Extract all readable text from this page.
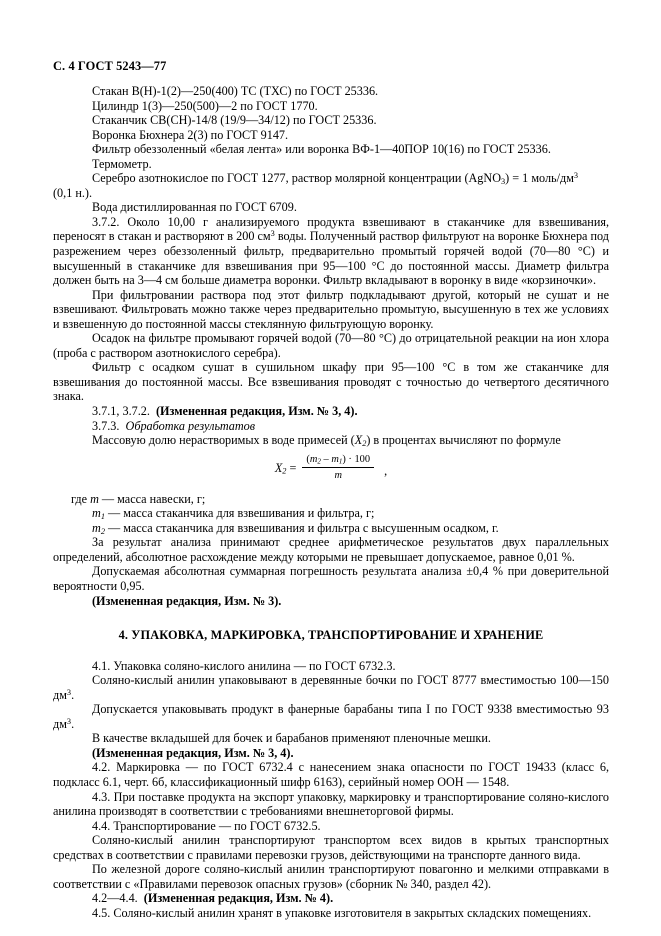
С. 4 ГОСТ 5243—77

Стакан В(Н)-1(2)—250(400) ТС (ТХС) по ГОСТ 25336.

Цилиндр 1(3)—250(500)—2 по ГОСТ 1770.

Стаканчик СВ(СН)-14/8 (19/9—34/12) по ГОСТ 25336.

Воронка Бюхнера 2(3) по ГОСТ 9147.

Фильтр обеззоленный «белая лента» или воронка ВФ-1—40ПОР 10(16) по ГОСТ 25336.

Термометр.

Серебро азотнокислое по ГОСТ 1277, раствор молярной концентрации (AgNO$_3$) = 1 моль/$дм^3$

(0,1 н.).

Вода дистиллированная по ГОСТ 6709.

3.7.2. Около 10,00 г анализируемого продукта взвешивают в стаканчике для взвешивания, переносят в стакан и растворяют в 200 $см^3$ воды. Полученный раствор фильтруют на воронке Бюхнера под разрежением через обеззоленный фильтр, предварительно промытый горячей водой (70—80 °С) и высушенный в стаканчике для взвешивания при 95—100 °С до постоянной массы. Диаметр фильтра должен быть на 3—4 см больше диаметра воронки. Фильтр вкладывают в воронку в виде «корзиночки».

При фильтровании раствора под этот фильтр подкладывают другой, который не сушат и не взвешивают. Фильтровать можно также через предварительно промытую, высушенную в тех же условиях и взвешенную до постоянной массы стеклянную фильтрующую воронку.

Осадок на фильтре промывают горячей водой (70—80 °С) до отрицательной реакции на ион хлора (проба с раствором азотнокислого серебра).

Фильтр с осадком сушат в сушильном шкафу при 95—100 °С в том же стаканчике для взвешивания до постоянной массы. Все взвешивания проводят с точностью до четвертого десятичного знака.

3.7.1, 3.7.2. (Измененная редакция, Изм. № 3, 4).

3.7.3. Обработка результатов

Массовую долю нерастворимых в воде примесей $(X_2)$ в процентах вычисляют по формуле

$X_2 = \frac{(m_2 - m_1) \cdot 100}{m}$ ,

где m — масса навески, г;

$m_1$ — масса стаканчика для взвешивания и фильтра, г;

$m_2$ — масса стаканчика для взвешивания и фильтра с высушенным осадком, г.

За результат анализа принимают среднее арифметическое результатов двух параллельных определений, абсолютное расхождение между которыми не превышает допускаемое, равное 0,01 %.

Допускаемая абсолютная суммарная погрешность результата анализа ±0,4 % при доверительной вероятности 0,95.

(Измененная редакция, Изм. № 3).

4. УПАКОВКА, МАРКИРОВКА, ТРАНСПОРТИРОВАНИЕ И ХРАНЕНИЕ

4.1. Упаковка соляно-кислого анилина — по ГОСТ 6732.3.

Соляно-кислый анилин упаковывают в деревянные бочки по ГОСТ 8777 вместимостью 100—150 $дм^3$.

Допускается упаковывать продукт в фанерные барабаны типа I по ГОСТ 9338 вместимостью 93 $дм^3$.

В качестве вкладышей для бочек и барабанов применяют пленочные мешки.

(Измененная редакция, Изм. № 3, 4).

4.2. Маркировка — по ГОСТ 6732.4 с нанесением знака опасности по ГОСТ 19433 (класс 6, подкласс 6.1, черт. 6б, классификационный шифр 6163), серийный номер ООН — 1548.

4.3. При поставке продукта на экспорт упаковку, маркировку и транспортирование соляно-кислого анилина производят в соответствии с требованиями внешнеторговой фирмы.

4.4. Транспортирование — по ГОСТ 6732.5.

Соляно-кислый анилин транспортируют транспортом всех видов в крытых транспортных средствах в соответствии с правилами перевозки грузов, действующими на транспорте данного вида.

По железной дороге соляно-кислый анилин транспортируют повагонно и мелкими отправками в соответствии с «Правилами перевозок опасных грузов» (сборник № 340, раздел 42).

4.2—4.4. (Измененная редакция, Изм. № 4).

4.5. Соляно-кислый анилин хранят в упаковке изготовителя в закрытых складских помещениях.
